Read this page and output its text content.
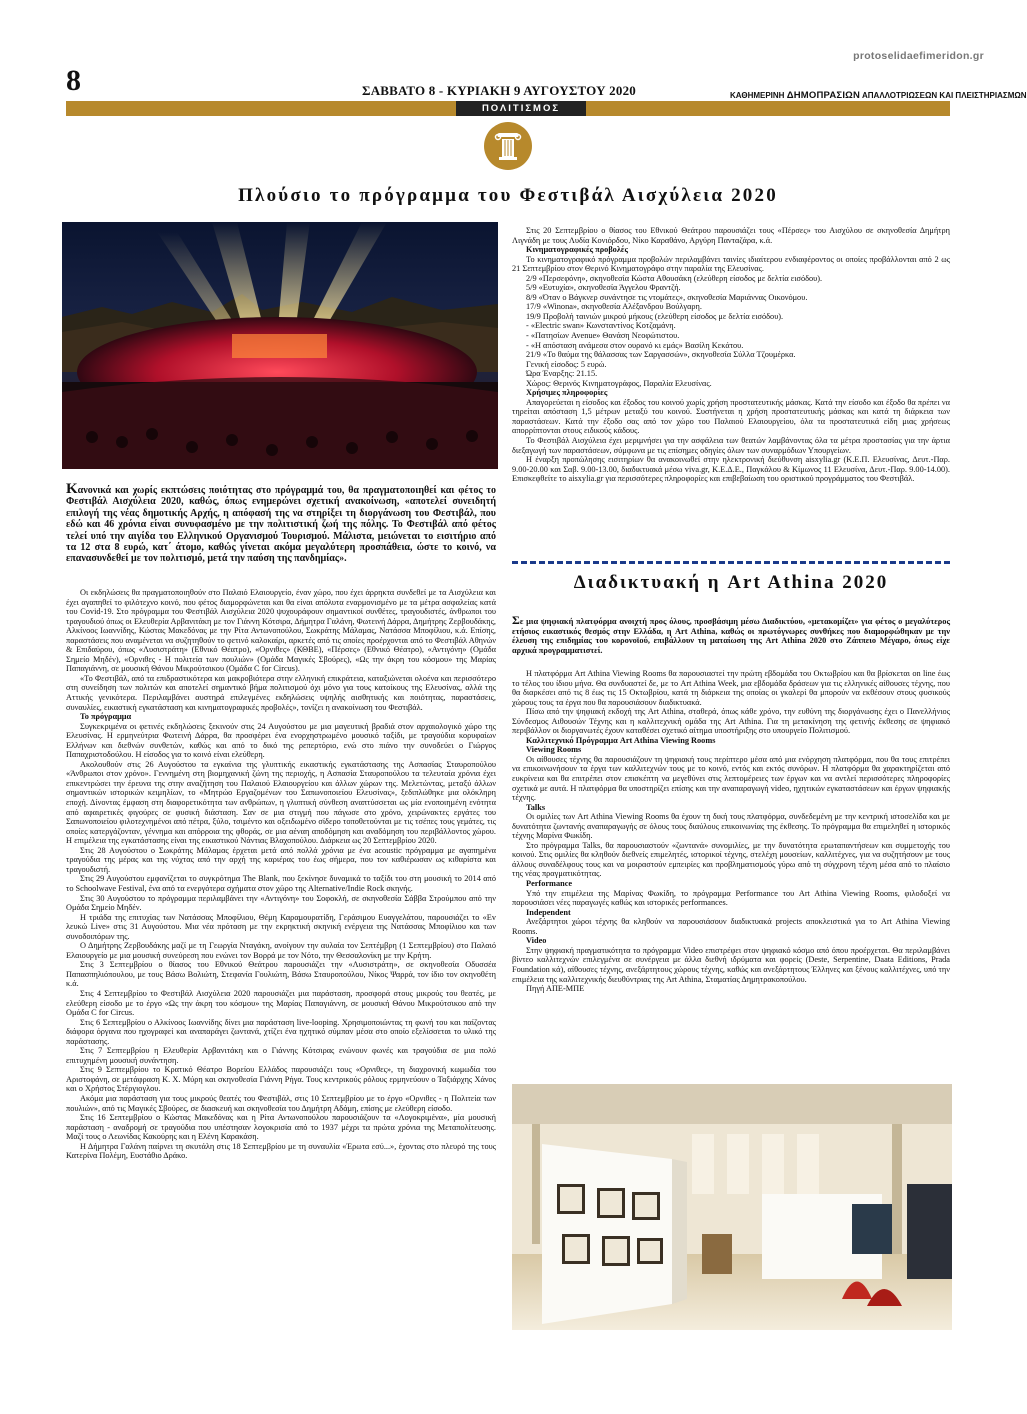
protoselidaefimeridon.gr
8	ΣΑΒΒΑΤΟ 8 - ΚΥΡΙΑΚΗ 9 ΑΥΓΟΥΣΤΟΥ 2020	ΚΑΘΗΜΕΡΙΝΗ ΔΗΜΟΠΡΑΣΙΩΝ ΑΠΑΛΛΟΤΡΙΩΣΕΩΝ ΚΑΙ ΠΛΕΙΣΤΗΡΙΑΣΜΩΝ
ΠΟΛΙΤΙΣΜΟΣ
Πλούσιο το πρόγραμμα του Φεστιβάλ Αισχύλεια 2020

Κανονικά και χωρίς εκπτώσεις ποιότητας στο πρόγραμμά του, θα πραγματοποιηθεί και φέτος το Φεστιβάλ Αισχύλεια 2020, καθώς, όπως ενημερώνει σχετική ανακοίνωση, «αποτελεί συνειδητή επιλογή της νέας δημοτικής Αρχής, η απόφασή της να στηρίξει τη διοργάνωση του Φεστιβάλ, που εδώ και 46 χρόνια είναι συνυφασμένο με την πολιτιστική ζωή της πόλης. Το Φεστιβάλ από φέτος τελεί υπό την αιγίδα του Ελληνικού Οργανισμού Τουρισμού. Μάλιστα, μειώνεται το εισιτήριο από τα 12 στα 8 ευρώ, κατ΄ άτομο, καθώς γίνεται ακόμα μεγαλύτερη προσπάθεια, ώστε το κοινό, να επανασυνδεθεί με τον πολιτισμό, μετά την παύση της πανδημίας».

Οι εκδηλώσεις θα πραγματοποιηθούν στο Παλαιό Ελαιουργείο, έναν χώρο, που έχει άρρηκτα συνδεθεί με τα Αισχύλεια και έχει αγαπηθεί το φιλότεχνο κοινό, που φέτος διαμορφώνεται και θα είναι απόλυτα εναρμονισμένο με τα μέτρα ασφαλείας κατά του Covid-19. Στο πρόγραμμα του Φεστιβάλ Αισχύλεια 2020 ψυχουράφουν σημαντικοί συνθέτες, τραγουδιστές, άνθρωποι του τραγουδιού όπως οι Ελευθερία Αρβανιτάκη με τον Γιάννη Κότσιρα, Δήμητρα Γαλάνη, Φωτεινή Δάρρα, Δημήτρης Ζερβουδάκης, Αλκίνοος Ιωαννίδης, Κώστας Μακεδόνας με την Ρίτα Αντωνοπούλου, Σωκράτης Μάλαμας, Νατάσσα Μποφίλιου, κ.ά. Επίσης, παραστάσεις που αναμένεται να συζητηθούν το φετινό καλοκαίρι, αρκετές από τις οποίες προέρχονται από το Φεστιβάλ Αθηνών & Επιδαύρου, όπως «Λυσιστράτη» (Εθνικό Θέατρο), «Ορνιθες» (ΚΘΒΕ), «Πέρσες» (Εθνικό Θέατρο), «Αντιγόνη» (Ομάδα Σημείο Μηδέν), «Ορνιθες - Η πολιτεία των πουλιών» (Ομάδα Μαγικές Σβούρες), «Ως την άκρη του κόσμου» της Μαρίας Παπαγιάννη, σε μουσική Θάνου Μικρούτσικου (Ομάδα C for Circus).

«Το Φεστιβάλ, από τα επιδραστικότερα και μακροβιότερα στην ελληνική επικράτεια, καταξιώνεται ολοένα και περισσότερο στη συνείδηση των πολιτών και αποτελεί σημαντικό βήμα πολιτισμού όχι μόνο για τους κατοίκους της Ελευσίνας, αλλά της Αττικής γενικότερα. Περιλαμβάνει αυστηρά επιλεγμένες εκδηλώσεις υψηλής αισθητικής και ποιότητας, παραστάσεις, συναυλίες, εικαστική εγκατάσταση και κινηματογραφικές προβολές», τονίζει η ανακοίνωση του Φεστιβάλ.

Το πρόγραμμα

Συγκεκριμένα οι φετινές εκδηλώσεις ξεκινούν στις 24 Αυγούστου με μια μαγευτική βραδιά στον αρχαιολογικό χώρο της Ελευσίνας. Η ερμηνεύτρια Φωτεινή Δάρρα, θα προσφέρει ένα ενορχηστρωμένο μουσικό ταξίδι, με τραγούδια κορυφαίων Ελλήνων και διεθνών συνθετών, καθώς και από το δικό της ρεπερτόριο, ενώ στο πιάνο την συνοδεύει ο Γιώργος Παπαχριστοδούλου. Η είσοδος για το κοινό είναι ελεύθερη.

Ακολουθούν στις 26 Αυγούστου τα εγκαίνια της γλυπτικής εικαστικής εγκατάστασης της Ασπασίας Σταυροπούλου «Άνθρωποι στον χρόνο». Γεννημένη στη βιομηχανική ζώνη της περιοχής, η Ασπασία Σταυροπούλου τα τελευταία χρόνια έχει επικεντρώσει την έρευνα της στην αναζήτηση του Παλαιού Ελαιουργείου και άλλων χώρων της. Μελετώντας, μεταξύ άλλων σημαντικών ιστορικών κειμηλίων, το «Μητρώο Εργαζομένων του Σαπωνοποιείου Ελευσίνας», ξεδιπλώθηκε μια ολόκληρη εποχή. Δίνοντας έμφαση στη διαφορετικότητα των ανθρώπων, η γλυπτική σύνθεση αναπτύσσεται ως μία ενοποιημένη ενότητα από αφαιρετικές φιγούρες σε φυσική διάσταση. Σαν σε μια στιγμή που πάγωσε στο χρόνο, χειρώνακτες εργάτες του Σαπωνοποιείου φιλοτεχνημένοι από πέτρα, ξύλο, τσιμέντο και οξειδωμένο σίδερο τοποθετούνται με τις τσέπες τους γεμάτες, τις οποίες κατεργάζονταν, γέννημα και απόρροια της φθοράς, σε μια αέναη αποδόμηση και αναδόμηση του περιβάλλοντος χώρου. Η επιμέλεια της εγκατάστασης είναι της εικαστικού Νάντιας Βλαχοπούλου. Διάρκεια ως 20 Σεπτεμβρίου 2020.

Στις 28 Αυγούστου ο Σωκράτης Μάλαμας έρχεται μετά από πολλά χρόνια με ένα acoustic πρόγραμμα με αγαπημένα τραγούδια της μέρας και της νύχτας από την αρχή της καριέρας του έως σήμερα, που τον καθιέρωσαν ως κιθαρίστα και τραγουδιστή.

Στις 29 Αυγούστου εμφανίζεται το συγκρότημα The Blank, που ξεκίνησε δυναμικά το ταξίδι του στη μουσική το 2014 από το Schoolwave Festival, ένα από τα ενεργότερα σχήματα στον χώρο της Alternative/Indie Rock σκηνής.

Στις 30 Αυγούστου το πρόγραμμα περιλαμβάνει την «Αντιγόνη» του Σοφοκλή, σε σκηνοθεσία Σάββα Στρούμπου από την Ομάδα Σημείο Μηδέν.

Η τριάδα της επιτυχίας των Νατάσσας Μποφίλιου, Θέμη Καραμουρατίδη, Γεράσιμου Ευαγγελάτου, παρουσιάζει το «Ev λευκώ Live» στις 31 Αυγούστου. Μια νέα πρόταση με την εκρηκτική σκηνική ενέργεια της Νατάσσας Μποφίλιου και των συνοδοιπόρων της.

Ο Δημήτρης Ζερβουδάκης μαζί με τη Γεωργία Νταγάκη, ανοίγουν την αυλαία τον Σεπτέμβρη (1 Σεπτεμβρίου) στο Παλαιό Ελαιουργείο με μια μουσική συνεύρεση που ενώνει τον Βορρά με τον Νότο, την Θεσσαλονίκη με την Κρήτη.

Στις 3 Σεπτεμβρίου ο θίασος του Εθνικού Θεάτρου παρουσιάζει την «Λυσιστράτη», σε σκηνοθεσία Οδυσσέα Παπασπηλιόπουλου, με τους Βάσω Βολιώτη, Στεφανία Γουλιώτη, Βάσω Σταυροπούλου, Νίκος Ψαρρά, τον ίδιο τον σκηνοθέτη κ.ά.

Στις 4 Σεπτεμβρίου το Φεστιβάλ Αισχύλεια 2020 παρουσιάζει μια παράσταση, προσφορά στους μικρούς του θεατές, με ελεύθερη είσοδο με το έργο «Ως την άκρη του κόσμου» της Μαρίας Παπαγιάννη, σε μουσική Θάνου Μικρούτσικου από την Ομάδα C for Circus.

Στις 6 Σεπτεμβρίου ο Αλκίνοος Ιωαννίδης δίνει μια παράσταση live-looping. Χρησιμοποιώντας τη φωνή του και παίζοντας διάφορα όργανα που ηχογραφεί και αναπαράγει ζωντανά, χτίζει ένα ηχητικό σύμπαν μέσα στο οποίο εξελίσσεται το υλικό της παράστασης.

Στις 7 Σεπτεμβρίου η Ελευθερία Αρβανιτάκη και ο Γιάννης Κότσιρας ενώνουν φωνές και τραγούδια σε μια πολύ επιτυχημένη μουσική συνάντηση.

Στις 9 Σεπτεμβρίου το Κρατικό Θέατρο Βορείου Ελλάδος παρουσιάζει τους «Ορνιθες», τη διαχρονική κωμωδία του Αριστοφάνη, σε μετάφραση Κ. Χ. Μύρη και σκηνοθεσία Γιάννη Ρήγα. Τους κεντρικούς ρόλους ερμηνεύουν ο Ταξιάρχης Χάνος και ο Χρήστος Στέργιογλου.

Ακόμα μια παράσταση για τους μικρούς θεατές του Φεστιβάλ, στις 10 Σεπτεμβρίου με το έργο «Ορνιθες - η Πολιτεία των πουλιών», από τις Μαγικές Σβούρες, σε διασκευή και σκηνοθεσία του Δημήτρη Αδάμη, επίσης με ελεύθερη είσοδο.

Στις 16 Σεπτεμβρίου ο Κώστας Μακεδόνας και η Ρίτα Αντωνοπούλου παρουσιάζουν τα «Λογοκριμένα», μία μουσική παράσταση - αναδρομή σε τραγούδια που υπέστησαν λογοκρισία από το 1937 μέχρι τα πρώτα χρόνια της Μεταπολίτευσης. Μαζί τους ο Λεωνίδας Κακούρης και η Ελένη Καρακάση.

Η Δήμητρα Γαλάνη παίρνει τη σκυτάλη στις 18 Σεπτεμβρίου με τη συναυλία «Έρωτα εσύ...», έχοντας στο πλευρό της τους Κατερίνα Πολέμη, Ευστάθιο Δράκο.

Στις 20 Σεπτεμβρίου ο θίασος του Εθνικού Θεάτρου παρουσιάζει τους «Πέρσες» του Αισχύλου σε σκηνοθεσία Δημήτρη Λιγνάδη με τους Λυδία Κονιόρδου, Νίκο Καραθάνο, Αργύρη Πανταζάρα, κ.ά.

Κινηματογραφικές προβολές

Το κινηματογραφικό πρόγραμμα προβολών περιλαμβάνει ταινίες ιδιαίτερου ενδιαφέροντος οι οποίες προβάλλονται από 2 ως 21 Σεπτεμβρίου στον Θερινό Κινηματογράφο στην παραλία της Ελευσίνας.

2/9 «Περσεφόνη», σκηνοθεσία Κώστα Αθουσάκη (ελεύθερη είσοδος με δελτία εισόδου).

5/9 «Ευτυχία», σκηνοθεσία Άγγελου Φραντζή.

8/9 «Όταν ο Βάγκνερ συνάντησε τις ντομάτες», σκηνοθεσία Μαριάννας Οικονόμου.

17/9 «Winona», σκηνοθεσία Αλέξανδρου Βούλγαρη.

19/9 Προβολή ταινιών μικρού μήκους (ελεύθερη είσοδος με δελτία εισόδου).

- «Electric swan» Κωνσταντίνος Κοτζαμάνη.

- «Πατησίων Avenue» Θανάση Νεοφώτιστου.

- «Η απόσταση ανάμεσα στον ουρανό κι εμάς» Βασίλη Κεκάτου.

21/9 «Το θαύμα της θάλασσας των Σαργασσών», σκηνοθεσία Σύλλα Τζουμέρκα.

Γενική είσοδος: 5 ευρώ.

Ώρα Έναρξης: 21.15.

Χώρος: Θερινός Κινηματογράφος, Παραλία Ελευσίνας.

Χρήσιμες πληροφορίες

Απαγορεύεται η είσοδος και έξοδος του κοινού χωρίς χρήση προστατευτικής μάσκας. Κατά την είσοδο και έξοδο θα πρέπει να τηρείται απόσταση 1,5 μέτρων μεταξύ του κοινού. Συστήνεται η χρήση προστατευτικής μάσκας και κατά τη διάρκεια των παραστάσεων. Κατά την έξοδο σας από τον χώρο του Παλαιού Ελαιουργείου, όλα τα προστατευτικά είδη μιας χρήσεως απορρίπτονται στους ειδικούς κάδους.

Το Φεστιβάλ Αισχύλεια έχει μεριμνήσει για την ασφάλεια των θεατών λαμβάνοντας όλα τα μέτρα προστασίας για την άρτια διεξαγωγή των παραστάσεων, σύμφωνα με τις επίσημες οδηγίες όλων των συναρμόδιων Υπουργείων.

Η έναρξη προπώλησης εισιτηρίων θα ανακοινωθεί στην ηλεκτρονική διεύθυνση aisxylia.gr (Κ.Ε.Π. Ελευσίνας, Δευτ.-Παρ. 9.00-20.00 και Σαβ. 9.00-13.00, διαδικτυακά μέσω viva.gr, Κ.Ε.Δ.Ε., Παγκάλου & Κίμωνος 11 Ελευσίνα, Δευτ.-Παρ. 9.00-14.00). Επισκεφθείτε το aisxylia.gr για περισσότερες πληροφορίες και επιβεβαίωση του οριστικού προγράμματος του Φεστιβάλ.

Διαδικτυακή η Art Athina 2020

Σε μια ψηφιακή πλατφόρμα ανοιχτή προς όλους, προσβάσιμη μέσω Διαδικτύου, «μετακομίζει» για φέτος ο μεγαλύτερος ετήσιος εικαστικός θεσμός στην Ελλάδα, η Art Athina, καθώς οι πρωτόγνωρες συνθήκες που διαμορφώθηκαν με την έλευση της επιδημίας του κορονοϊού, επιβάλλουν τη ματαίωση της Art Athina 2020 στο Ζάππειο Μέγαρο, όπως είχε αρχικά προγραμματιστεί.

Η πλατφόρμα Art Athina Viewing Rooms θα παρουσιαστεί την πρώτη εβδομάδα του Οκτωβρίου και θα βρίσκεται on line έως το τέλος του ίδιου μήνα. Θα συνδυαστεί δε, με το Art Athina Week, μια εβδομάδα δράσεων για τις ελληνικές αίθουσες τέχνης, που θα διαρκέσει από τις 8 έως τις 15 Οκτωβρίου, κατά τη διάρκεια της οποίας οι γκαλερί θα μπορούν να εκθέσουν στους φυσικούς χώρους τους τα έργα που θα παρουσιάσουν διαδικτυακά.

Πίσω από την ψηφιακή εκδοχή της Art Athina, σταθερά, όπως κάθε χρόνο, την ευθύνη της διοργάνωσης έχει ο Πανελλήνιος Σύνδεσμος Αιθουσών Τέχνης και η καλλιτεχνική ομάδα της Art Athina. Για τη μετακίνηση της φετινής έκθεσης σε ψηφιακό περιβάλλον οι διοργανωτές έχουν καταθέσει σχετικό αίτημα υποστήριξης στο υπουργείο Πολιτισμού.

Καλλιτεχνικό Πρόγραμμα Art Athina Viewing Rooms

Viewing Rooms

Οι αίθουσες τέχνης θα παρουσιάζουν τη ψηφιακή τους περίπτερο μέσα από μια ενόρχηση πλατφόρμα, που θα τους επιτρέπει να επικοινωνήσουν τα έργα των καλλιτεχνών τους με το κοινό, εντός και εκτός συνόρων. Η πλατφόρμα θα χαρακτηρίζεται από ευκρίνεια και θα επιτρέπει στον επισκέπτη να μεγεθύνει στις λεπτομέρειες των έργων και να αντλεί περισσότερες πληροφορίες σχετικά με αυτά. Η πλατφόρμα θα υποστηρίζει επίσης και την αναπαραγωγή video, ηχητικών εγκαταστάσεων και έργων ψηφιακής τέχνης.

Talks

Οι ομιλίες των Art Athina Viewing Rooms θα έχουν τη δική τους πλατφόρμα, συνδεδεμένη με την κεντρική ιστοσελίδα και με δυνατότητα ζωντανής αναπαραγωγής σε όλους τους διαύλους επικοινωνίας της έκθεσης. Το πρόγραμμα θα επιμεληθεί η ιστορικός τέχνης Μαρίνα Φωκίδη.

Στο πρόγραμμα Talks, θα παρουσιαστούν «ζωντανά» συνομιλίες, με την δυνατότητα ερωταπαντήσεων και συμμετοχής του κοινού. Στις ομιλίες θα κληθούν διεθνείς επιμελητές, ιστορικοί τέχνης, στελέχη μουσείων, καλλιτέχνες, για να συζητήσουν με τους άλλους συναδέλφους τους και να μοιραστούν εμπειρίες και προβληματισμούς γύρω από τη σύγχρονη τέχνη μέσα από το πλαίσιο της νέας πραγματικότητας.

Performance

Υπό την επιμέλεια της Μαρίνας Φωκίδη, το πρόγραμμα Performance του Art Athina Viewing Rooms, φιλοδοξεί να παρουσιάσει νέες παραγωγές καθώς και ιστορικές performances.

Independent

Ανεξάρτητοι χώροι τέχνης θα κληθούν να παρουσιάσουν διαδικτυακά projects αποκλειστικά για το Art Athina Viewing Rooms.

Video

Στην ψηφιακή πραγματικότητα το πρόγραμμα Video επιστρέφει στον ψηφιακό κόσμο από όπου προέρχεται. Θα περιλαμβάνει βίντεο καλλιτεχνών επιλεγμένα σε συνέργεια με άλλα διεθνή ιδρύματα και φορείς (Deste, Serpentine, Daata Editions, Prada Foundation κά), αίθουσες τέχνης, ανεξάρτητους χώρους τέχνης, καθώς και ανεξάρτητους Έλληνες και ξένους καλλιτέχνες, υπό την επιμέλεια της καλλιτεχνικής διευθύντριας της Art Athina, Σταματίας Δημητρακοπούλου.

Πηγή ΑΠΕ-ΜΠΕ
